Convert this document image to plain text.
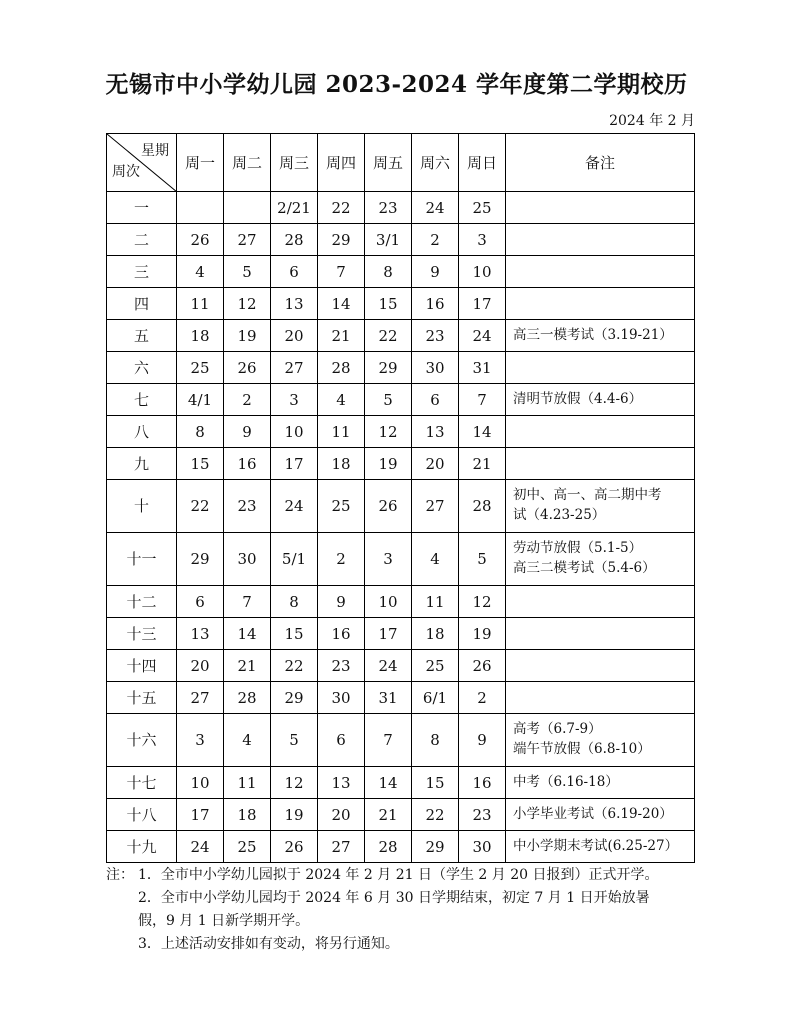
无锡市中小学幼儿园 2023-2024 学年度第二学期校历
2024 年 2 月
星期
周次	周一	周二	周三	周四	周五	周六	周日	备注
一			2/21	22	23	24	25	
二	26	27	28	29	3/1	2	3	
三	4	5	6	7	8	9	10	
四	11	12	13	14	15	16	17	
五	18	19	20	21	22	23	24	高三一模考试（3.19-21）

六	25	26	27	28	29	30	31	
七	4/1	2	3	4	5	6	7	清明节放假（4.4-6）

八	8	9	10	11	12	13	14	
九	15	16	17	18	19	20	21	
十	22	23	24	25	26	27	28	初中、高一、高二期中考
试（4.23-25）

十一	29	30	5/1	2	3	4	5	劳动节放假（5.1-5）
高三二模考试（5.4-6）

十二	6	7	8	9	10	11	12	
十三	13	14	15	16	17	18	19	
十四	20	21	22	23	24	25	26	
十五	27	28	29	30	31	6/1	2	
十六	3	4	5	6	7	8	9	高考（6.7-9）
端午节放假（6.8-10）

十七	10	11	12	13	14	15	16	中考（6.16-18）

十八	17	18	19	20	21	22	23	小学毕业考试（6.19-20）

十九	24	25	26	27	28	29	30	中小学期末考试(6.25-27）
注： 1．全市中小学幼儿园拟于 2024 年 2 月 21 日（学生 2 月 20 日报到）正式开学。
2．全市中小学幼儿园均于 2024 年 6 月 30 日学期结束，初定 7 月 1 日开始放暑
假，9 月 1 日新学期开学。
3．上述活动安排如有变动，将另行通知。
